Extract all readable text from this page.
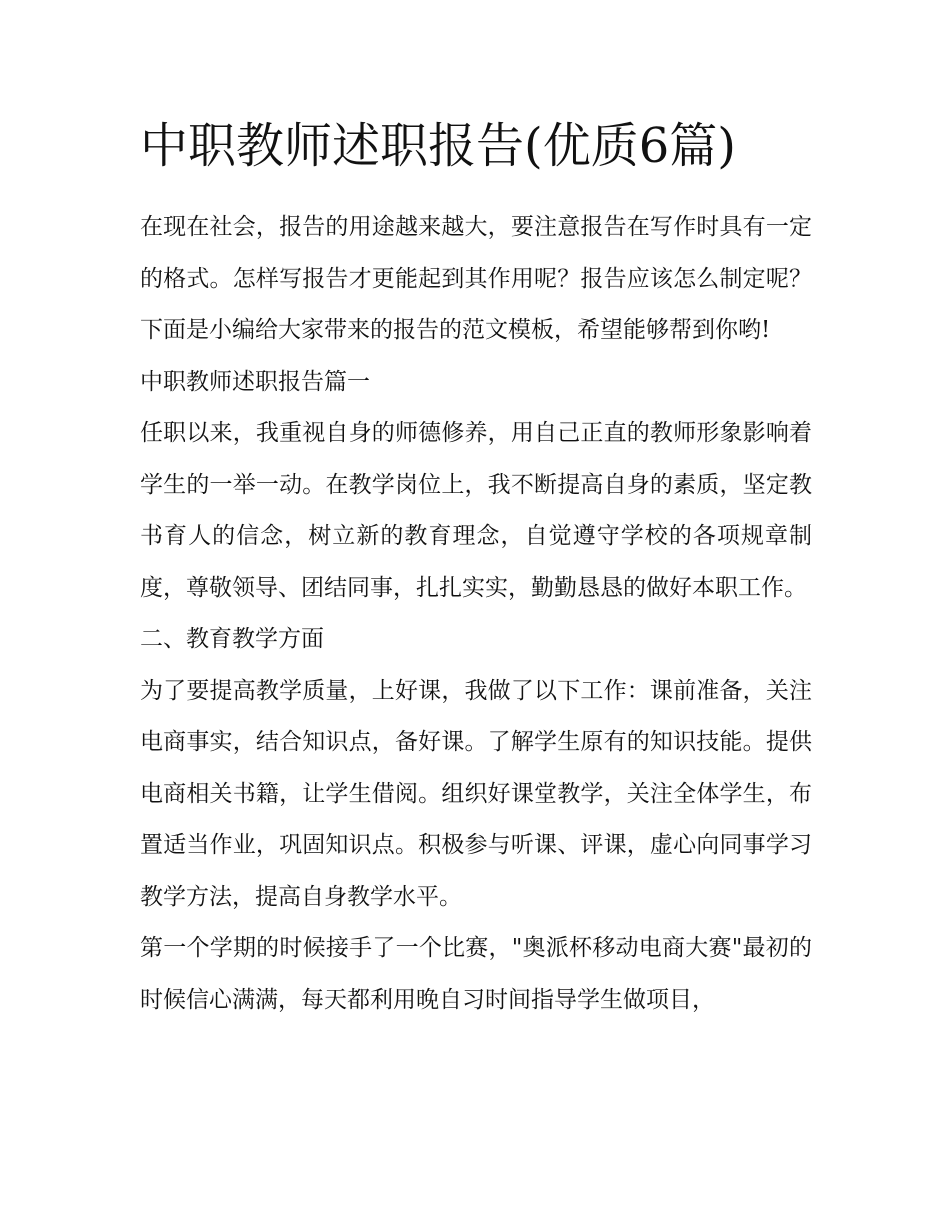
中职教师述职报告(优质6篇)

在现在社会，报告的用途越来越大，要注意报告在写作时具有一定的格式。怎样写报告才更能起到其作用呢？报告应该怎么制定呢？下面是小编给大家带来的报告的范文模板，希望能够帮到你哟!

中职教师述职报告篇一

任职以来，我重视自身的师德修养，用自己正直的教师形象影响着学生的一举一动。在教学岗位上，我不断提高自身的素质，坚定教书育人的信念，树立新的教育理念，自觉遵守学校的各项规章制度，尊敬领导、团结同事，扎扎实实，勤勤恳恳的做好本职工作。

二、教育教学方面

为了要提高教学质量，上好课，我做了以下工作：课前准备，关注电商事实，结合知识点，备好课。了解学生原有的知识技能。提供电商相关书籍，让学生借阅。组织好课堂教学，关注全体学生，布置适当作业，巩固知识点。积极参与听课、评课，虚心向同事学习教学方法，提高自身教学水平。

第一个学期的时候接手了一个比赛，"奥派杯移动电商大赛"最初的时候信心满满，每天都利用晚自习时间指导学生做项目，
